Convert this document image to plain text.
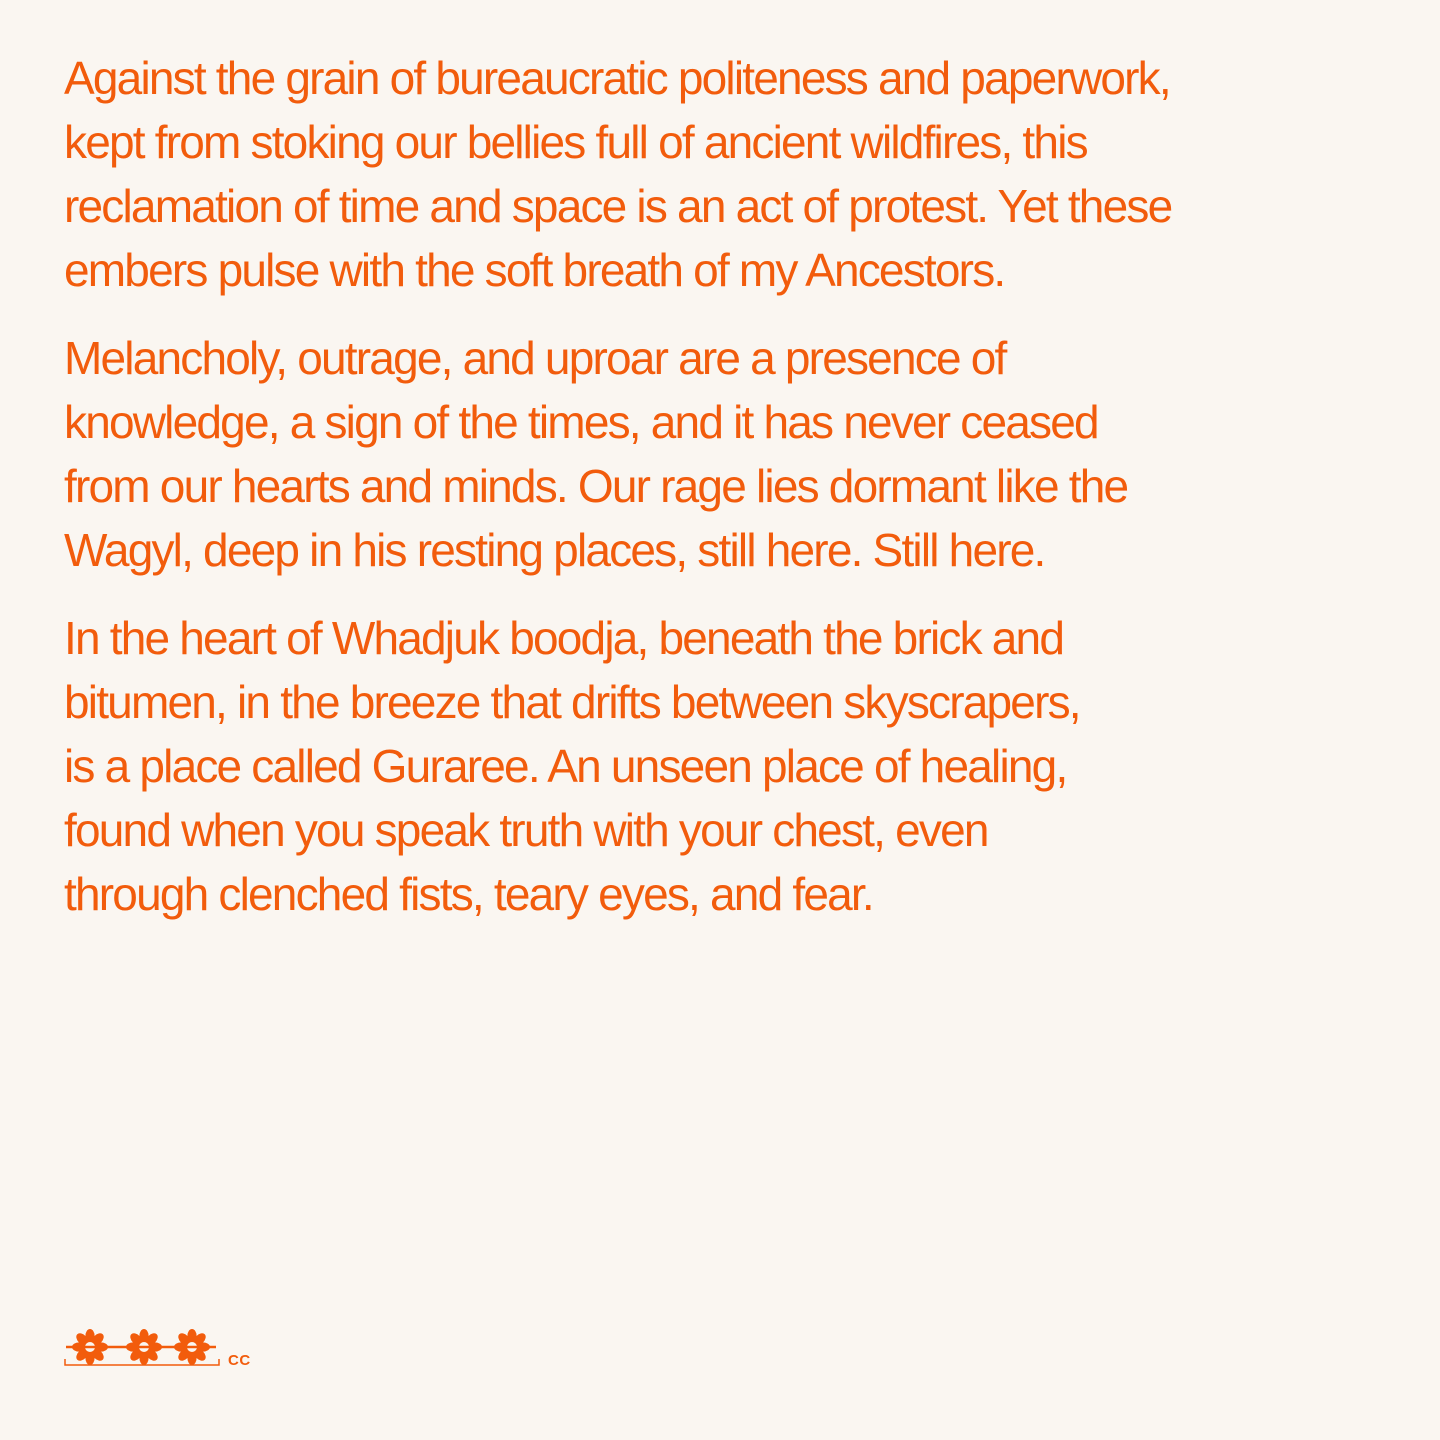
Against the grain of bureaucratic politeness and paperwork,
kept from stoking our bellies full of ancient wildfires, this
reclamation of time and space is an act of protest. Yet these
embers pulse with the soft breath of my Ancestors.

Melancholy, outrage, and uproar are a presence of
knowledge, a sign of the times, and it has never ceased
from our hearts and minds. Our rage lies dormant like the
Wagyl, deep in his resting places, still here. Still here.

In the heart of Whadjuk boodja, beneath the brick and
bitumen, in the breeze that drifts between skyscrapers,
is a place called Guraree. An unseen place of healing,
found when you speak truth with your chest, even
through clenched fists, teary eyes, and fear.

CC
